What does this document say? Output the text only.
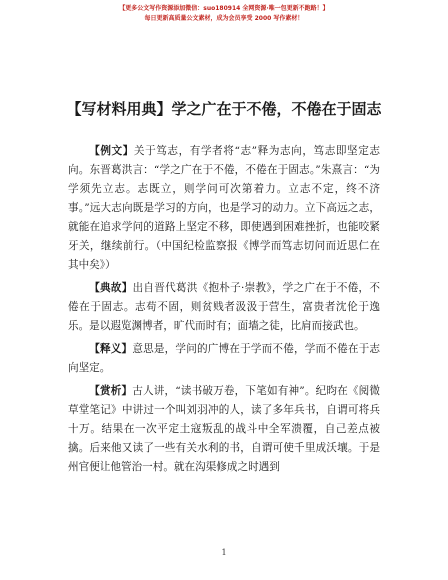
【更多公文写作资源添加微信：suo180914 全网资源·唯一包更新不跑路！】
每日更新高质量公文素材，成为会员享受 2000 写作素材！
【写材料用典】学之广在于不倦，不倦在于固志

【例文】关于笃志，有学者将“志”释为志向，笃志即坚定志向。东晋葛洪言：“学之广在于不倦，不倦在于固志。”朱熹言：“为学须先立志。志既立，则学问可次第着力。立志不定，终不济事。”远大志向既是学习的方向，也是学习的动力。立下高远之志，就能在追求学问的道路上坚定不移，即使遇到困难挫折，也能咬紧牙关，继续前行。（中国纪检监察报《博学而笃志切问而近思仁在其中矣》）

【典故】出自晋代葛洪《抱朴子·崇教》，学之广在于不倦，不倦在于固志。志苟不固，则贫贱者汲汲于营生，富贵者沈伦于逸乐。是以遐览渊博者，旷代而时有；面墙之徒，比肩而接武也。

【释义】意思是，学问的广博在于学而不倦，学而不倦在于志向坚定。

【赏析】古人讲，“读书破万卷，下笔如有神”。纪昀在《阅微草堂笔记》中讲过一个叫刘羽冲的人，读了多年兵书，自谓可将兵十万。结果在一次平定土寇叛乱的战斗中全军溃覆，自己差点被擒。后来他又读了一些有关水利的书，自谓可使千里成沃壤。于是州官便让他管治一村。就在沟渠修成之时遇到

1
